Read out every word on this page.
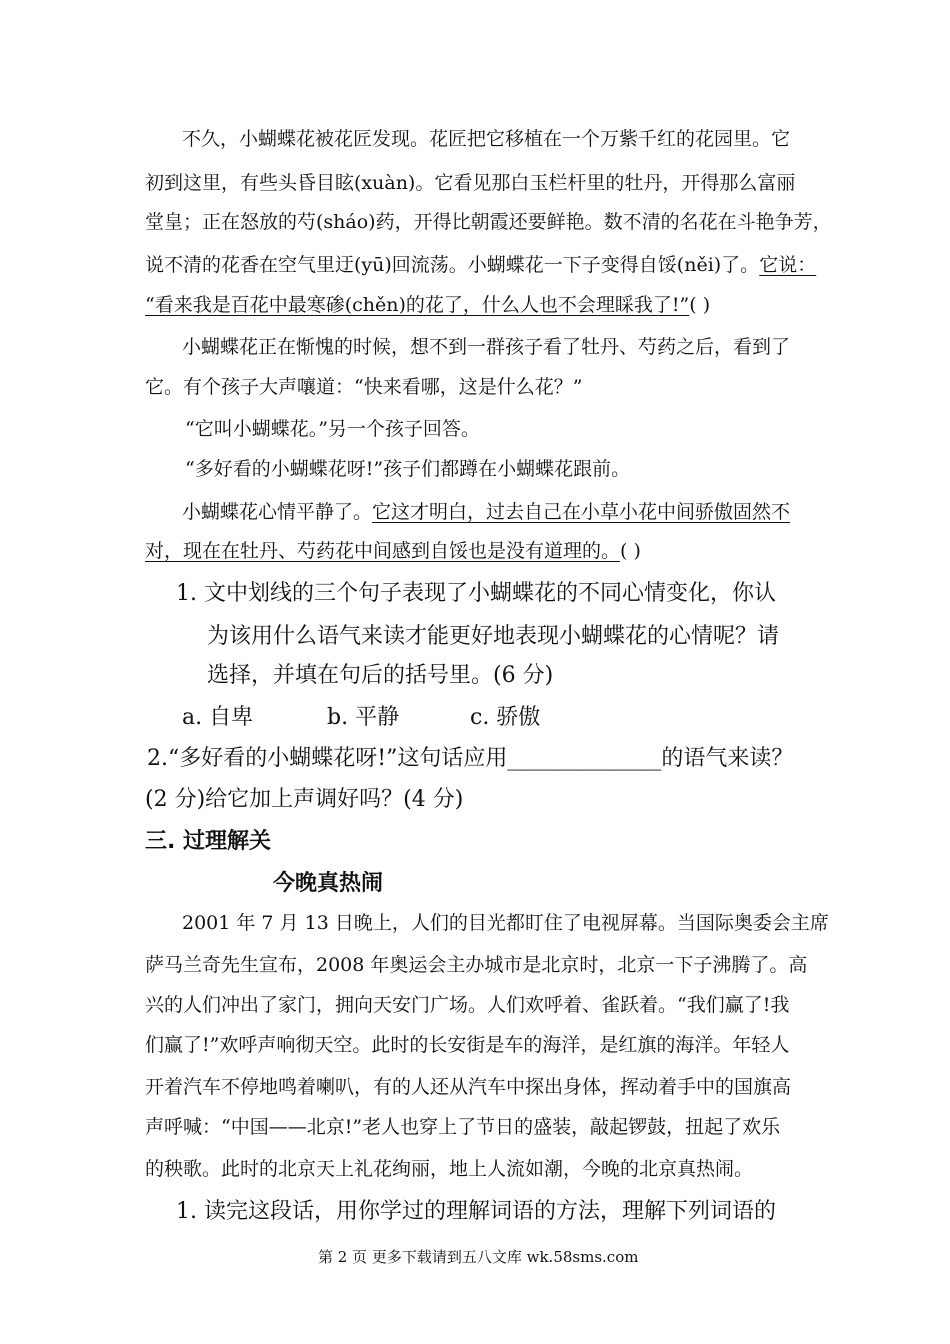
不久，小蝴蝶花被花匠发现。花匠把它移植在一个万紫千红的花园里。它
初到这里，有些头昏目眩(xuàn)。它看见那白玉栏杆里的牡丹，开得那么富丽
堂皇；正在怒放的芍(sháo)药，开得比朝霞还要鲜艳。数不清的名花在斗艳争芳，
说不清的花香在空气里迂(yū)回流荡。小蝴蝶花一下子变得自馁(něi)了。它说：
“看来我是百花中最寒碜(chěn)的花了，什么人也不会理睬我了!”( )
小蝴蝶花正在惭愧的时候，想不到一群孩子看了牡丹、芍药之后，看到了
它。有个孩子大声嚷道：“快来看哪，这是什么花？”
“它叫小蝴蝶花。”另一个孩子回答。
“多好看的小蝴蝶花呀!”孩子们都蹲在小蝴蝶花跟前。
小蝴蝶花心情平静了。它这才明白，过去自己在小草小花中间骄傲固然不
对，现在在牡丹、芍药花中间感到自馁也是没有道理的。( )
1. 文中划线的三个句子表现了小蝴蝶花的不同心情变化，你认
为该用什么语气来读才能更好地表现小蝴蝶花的心情呢？请
选择，并填在句后的括号里。(6 分)
a. 自卑	b. 平静	c. 骄傲
2.“多好看的小蝴蝶花呀!”这句话应用______________的语气来读？
(2 分)给它加上声调好吗？(4 分)
三. 过理解关
今晚真热闹
2001 年 7 月 13 日晚上，人们的目光都盯住了电视屏幕。当国际奥委会主席
萨马兰奇先生宣布，2008 年奥运会主办城市是北京时，北京一下子沸腾了。高
兴的人们冲出了家门，拥向天安门广场。人们欢呼着、雀跃着。“我们赢了!我
们赢了!”欢呼声响彻天空。此时的长安街是车的海洋，是红旗的海洋。年轻人
开着汽车不停地鸣着喇叭，有的人还从汽车中探出身体，挥动着手中的国旗高
声呼喊：“中国——北京!”老人也穿上了节日的盛装，敲起锣鼓，扭起了欢乐
的秧歌。此时的北京天上礼花绚丽，地上人流如潮，今晚的北京真热闹。
1. 读完这段话，用你学过的理解词语的方法，理解下列词语的
第 2 页 更多下载请到五八文库 wk.58sms.com
